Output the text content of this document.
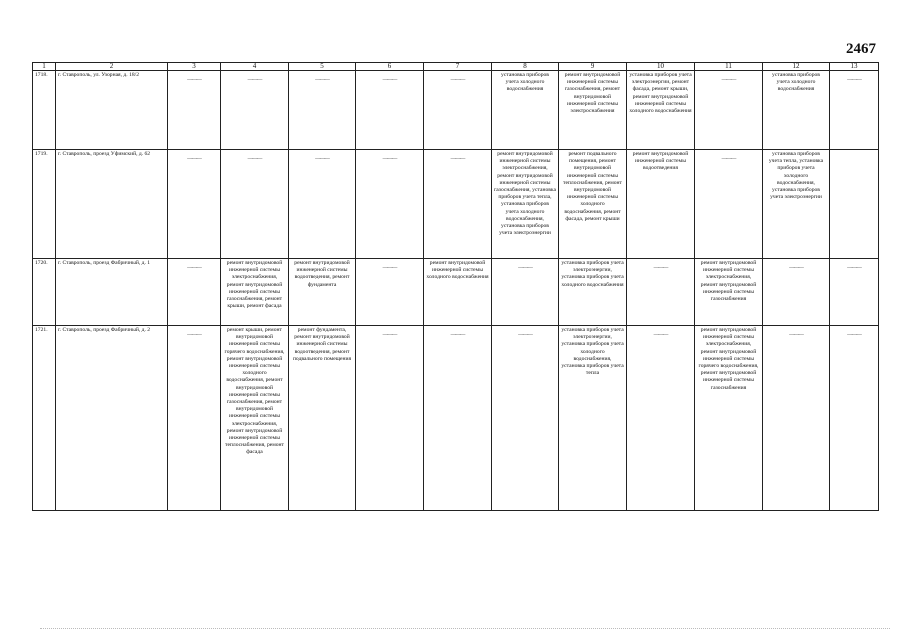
2467
1	2	3	4	5	6	7	8	9	10	11	12	13
1718.	г. Ставрополь, ул. Узорная, д. 18/2	———	———	———	———	———	установка приборов учета холодного водоснабжения	ремонт внутридомовой инженерной системы газоснабжения, ремонт внутридомовой инженерной системы электроснабжения	установка приборов учета электроэнергии, ремонт фасада, ремонт крыши, ремонт внутридомовой инженерной системы холодного водоснабжения	———	установка приборов учета холодного водоснабжения	———
1719.	г. Ставрополь, проезд Уфимский, д. 62	———	———	———	———	———	ремонт внутридомовой инженерной системы электроснабжения, ремонт внутридомовой инженерной системы газоснабжения, установка приборов учета тепла, установка приборов учета холодного водоснабжения, установка приборов учета электроэнергии	ремонт подвального помещения, ремонт внутридомовой инженерной системы теплоснабжения, ремонт внутридомовой инженерной системы холодного водоснабжения, ремонт фасада, ремонт крыши	ремонт внутридомовой инженерной системы водоотведения	———	установка приборов учета тепла, установка приборов учета холодного водоснабжения, установка приборов учета электроэнергии	
1720.	г. Ставрополь, проезд Фабричный, д. 1	———	ремонт внутридомовой инженерной системы электроснабжения, ремонт внутридомовой инженерной системы газоснабжения, ремонт крыши, ремонт фасада	ремонт внутридомовой инженерной системы водоотведения, ремонт фундамента	———	ремонт внутридомовой инженерной системы холодного водоснабжения	———	установка приборов учета электроэнергии, установка приборов учета холодного водоснабжения	———	ремонт внутридомовой инженерной системы электроснабжения, ремонт внутридомовой инженерной системы газоснабжения	———	———
1721.	г. Ставрополь, проезд Фабричный, д. 2	———	ремонт крыши, ремонт внутридомовой инженерной системы горячего водоснабжения, ремонт внутридомовой инженерной системы холодного водоснабжения, ремонт внутридомовой инженерной системы газоснабжения, ремонт внутридомовой инженерной системы электроснабжения, ремонт внутридомовой инженерной системы теплоснабжения, ремонт фасада	ремонт фундамента, ремонт внутридомовой инженерной системы водоотведения, ремонт подвального помещения	———	———	———	установка приборов учета электроэнергии, установка приборов учета холодного водоснабжения, установка приборов учета тепла	———	ремонт внутридомовой инженерной системы электроснабжения, ремонт внутридомовой инженерной системы горячего водоснабжения, ремонт внутридомовой инженерной системы газоснабжения	———	———
